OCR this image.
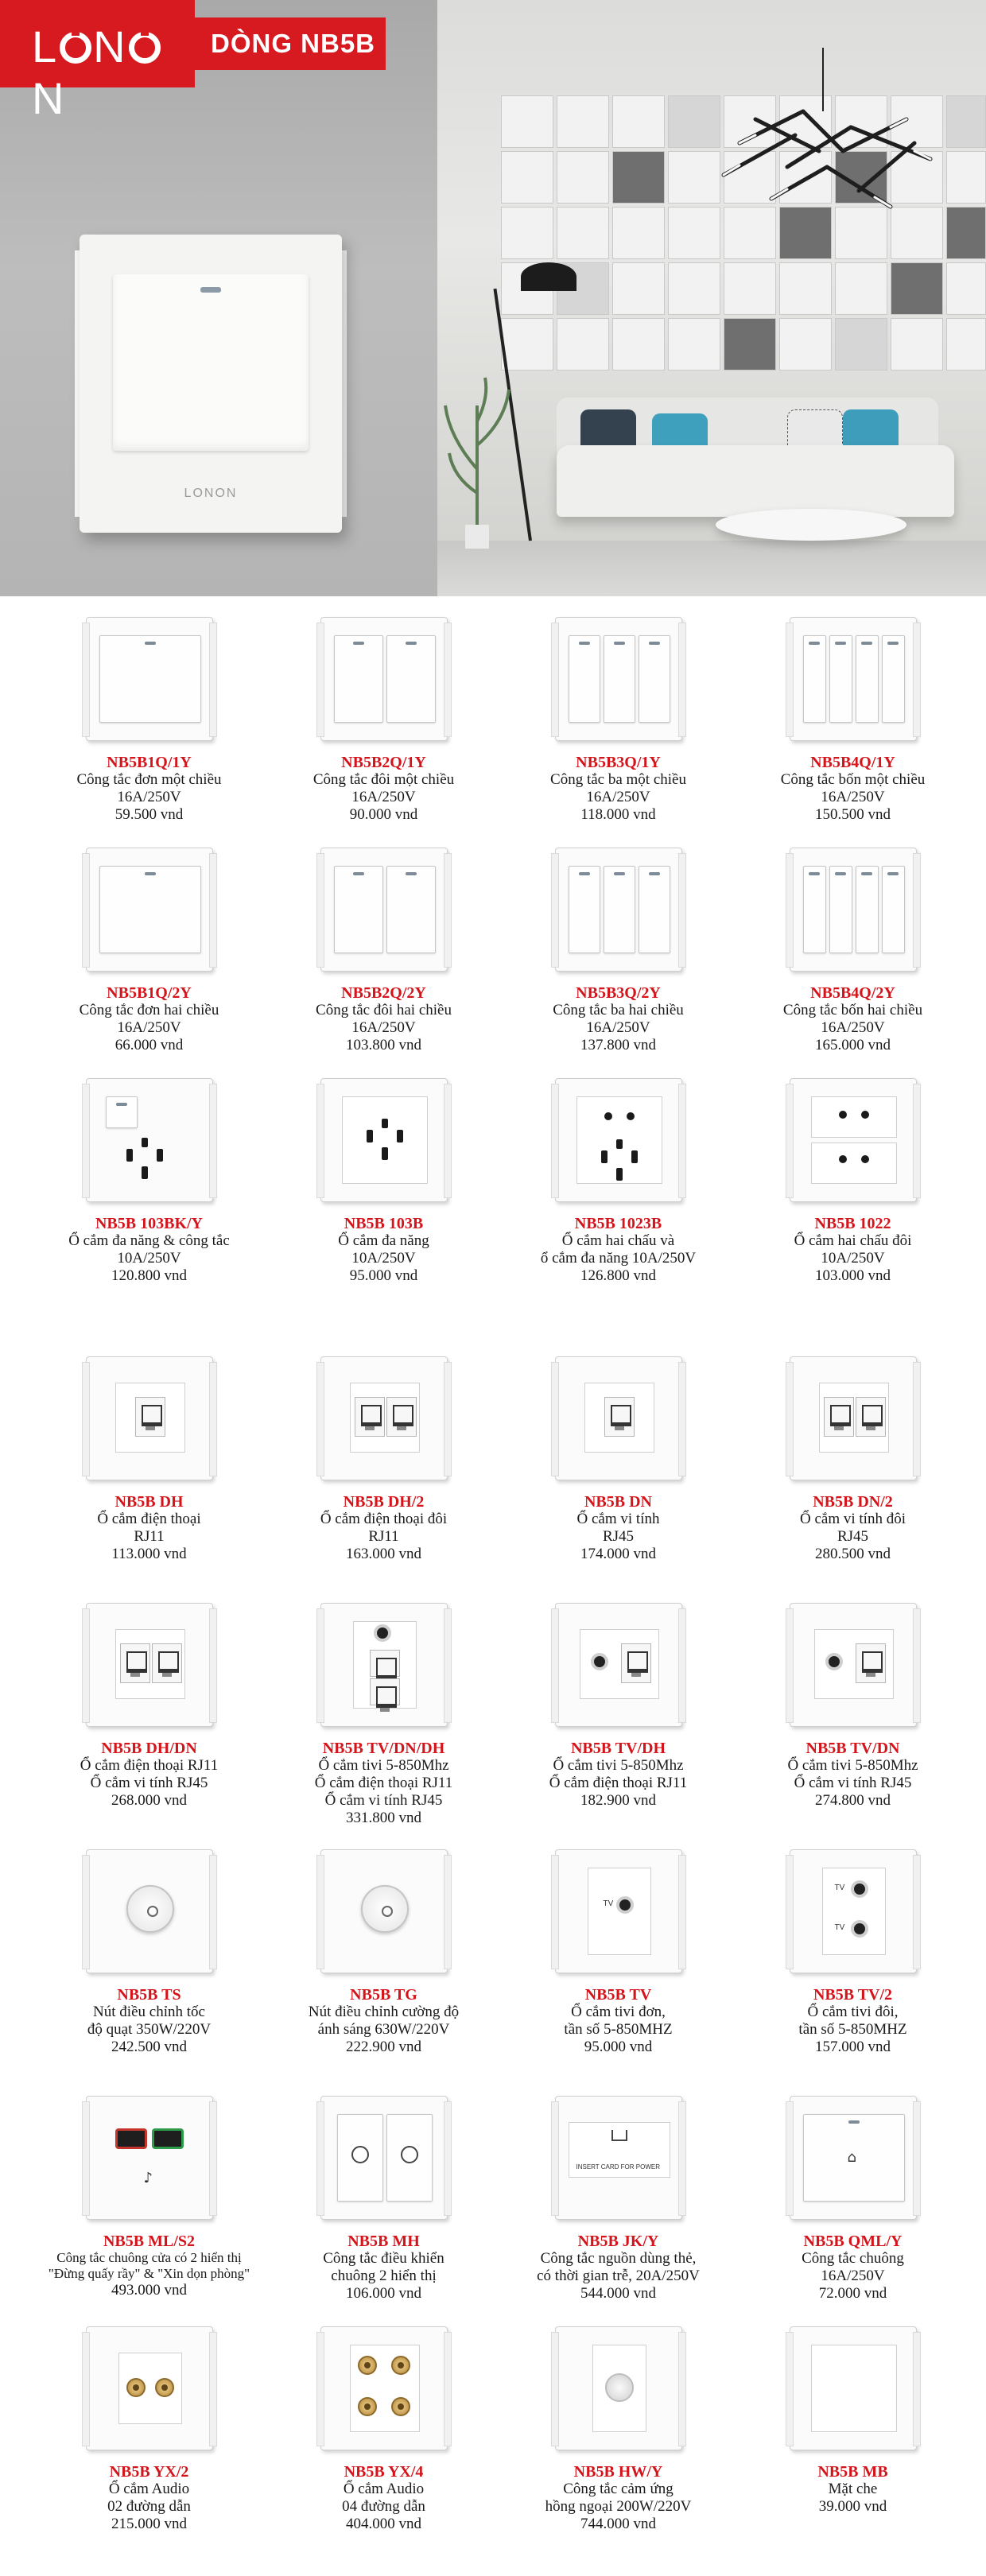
L NN
DÒNG NB5B
LONON
NB5B1Q/1Y
Công tắc đơn một chiều
16A/250V
59.500 vnd
NB5B2Q/1Y
Công tắc đôi một chiều
16A/250V
90.000 vnd
NB5B3Q/1Y
Công tắc ba một chiều
16A/250V
118.000 vnd
NB5B4Q/1Y
Công tắc bốn một chiều
16A/250V
150.500 vnd
NB5B1Q/2Y
Công tắc đơn hai chiều
16A/250V
66.000 vnd
NB5B2Q/2Y
Công tắc đôi hai chiều
16A/250V
103.800 vnd
NB5B3Q/2Y
Công tắc ba hai chiều
16A/250V
137.800 vnd
NB5B4Q/2Y
Công tắc bốn hai chiều
16A/250V
165.000 vnd
NB5B 103BK/Y
Ổ cắm đa năng & công tắc
10A/250V
120.800 vnd
NB5B 103B
Ổ cắm đa năng
10A/250V
95.000 vnd
NB5B 1023B
Ổ cắm hai chấu và
ổ cắm đa năng 10A/250V
126.800 vnd
NB5B 1022
Ổ cắm hai chấu đôi
10A/250V
103.000 vnd
NB5B DH
Ổ cắm điện thoại
RJ11
113.000 vnd
NB5B DH/2
Ổ cắm điện thoại đôi
RJ11
163.000 vnd
NB5B DN
Ổ cắm vi tính
RJ45
174.000 vnd
NB5B DN/2
Ổ cắm vi tính đôi
RJ45
280.500 vnd
NB5B DH/DN
Ổ cắm điện thoại RJ11
Ổ cắm vi tính RJ45
268.000 vnd
NB5B TV/DN/DH
Ổ cắm tivi 5-850Mhz
Ổ cắm điện thoại RJ11
Ổ cắm vi tính RJ45
331.800 vnd
NB5B TV/DH
Ổ cắm tivi 5-850Mhz
Ổ cắm điện thoại RJ11
182.900 vnd
NB5B TV/DN
Ổ cắm tivi 5-850Mhz
Ổ cắm vi tính RJ45
274.800 vnd
NB5B TS
Nút điều chỉnh tốc
độ quạt 350W/220V
242.500 vnd
NB5B TG
Nút điều chỉnh cường độ
ánh sáng 630W/220V
222.900 vnd
TV
NB5B TV
Ổ cắm tivi đơn,
tần số 5-850MHZ
95.000 vnd
TV
TV
NB5B TV/2
Ổ cắm tivi đôi,
tần số 5-850MHZ
157.000 vnd
♪
NB5B ML/S2
Công tắc chuông cửa có 2 hiển thị
"Đừng quấy rầy" & "Xin dọn phòng"
493.000 vnd
NB5B MH
Công tắc điều khiển
chuông 2 hiển thị
106.000 vnd
INSERT CARD FOR POWER
NB5B JK/Y
Công tắc nguồn dùng thẻ,
có thời gian trễ, 20A/250V
544.000 vnd
⌂
NB5B QML/Y
Công tắc chuông
16A/250V
72.000 vnd
NB5B YX/2
Ổ cắm Audio
02 đường dẫn
215.000 vnd
NB5B YX/4
Ổ cắm Audio
04 đường dẫn
404.000 vnd
NB5B HW/Y
Công tắc cảm ứng
hồng ngoại 200W/220V
744.000 vnd
NB5B MB
Mặt che
39.000 vnd
